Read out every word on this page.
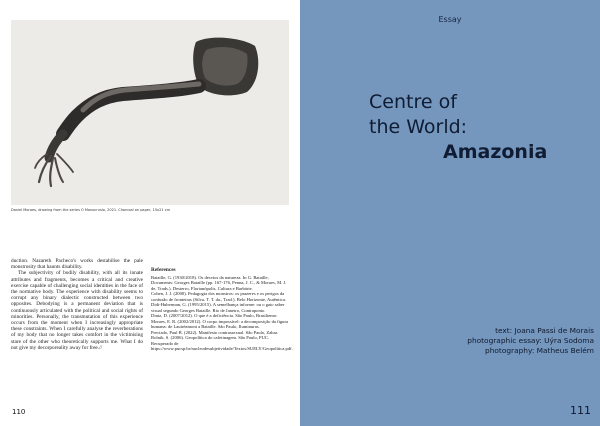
Daniel Moraes, drawing from the series O Monocruslo, 2021. Charcoal on paper, 15x21 cm

duction. Nazareth Pacheco's works destabilise the pale monstrosity that haunts disability.

The subjectivity of bodily disability, with all its innate attributes and fragments, becomes a critical and creative exercise capable of challenging social identities in the face of the normative body. The experience with disability seems to corrupt any binary dialectic constructed between two opposites. Debodying is a permanent deviation that is continuously articulated with the political and social rights of minorities. Personally, the transmutation of this experience occurs from the moment when I increasingly appropriate these constraints. When I carefully analyse the reverberations of my body that no longer takes comfort in the victimising stare of the other who theoretically supports me. What I do not give my decorporeality away for free.//

References

Bataille, G. (1930/2018). Os desvios da natureza. In G. Bataille, Documents: Georges Bataille (pp. 167-176, Penna, J. C., & Moraes, M. J. de, Trads.). Desterro, Florianópolis, Cultura e Barbárie.

Cohen, J. J. (2000). Pedagogia dos monstros: os prazeres e os perigos da confusão de fronteiras (Silva, T. T. da., Trad.). Belo Horizonte, Autêntica.

Didi-Huberman, G. (1995/2015). A semelhança informe: ou o gaio saber visual segundo Georges Bataille. Rio de Janeiro, Contraponto.

Diniz, D. (2007/2012). O que é a deficiência. São Paulo, Brasiliense.

Moraes, E. R. (2002/2012). O corpo impossível: a decomposição da figura humana: de Lautréamont a Bataille. São Paulo, Iluminuras.

Preciado, Paul B. (2022). Manifesto contrassexual. São Paulo, Zahar.

Rolnik, S. (2006). Geopolítica do cafetinagem. São Paulo, PUC. Recuperado de https://www.pucsp.br/nucleodesubjetividade/Textos/SUELY/Geopolitica.pdf.

110
Essay
Centre of
the World:
Amazonia
text: Joana Passi de Morais
photographic essay: Uýra Sodoma
photography: Matheus Belém
111
